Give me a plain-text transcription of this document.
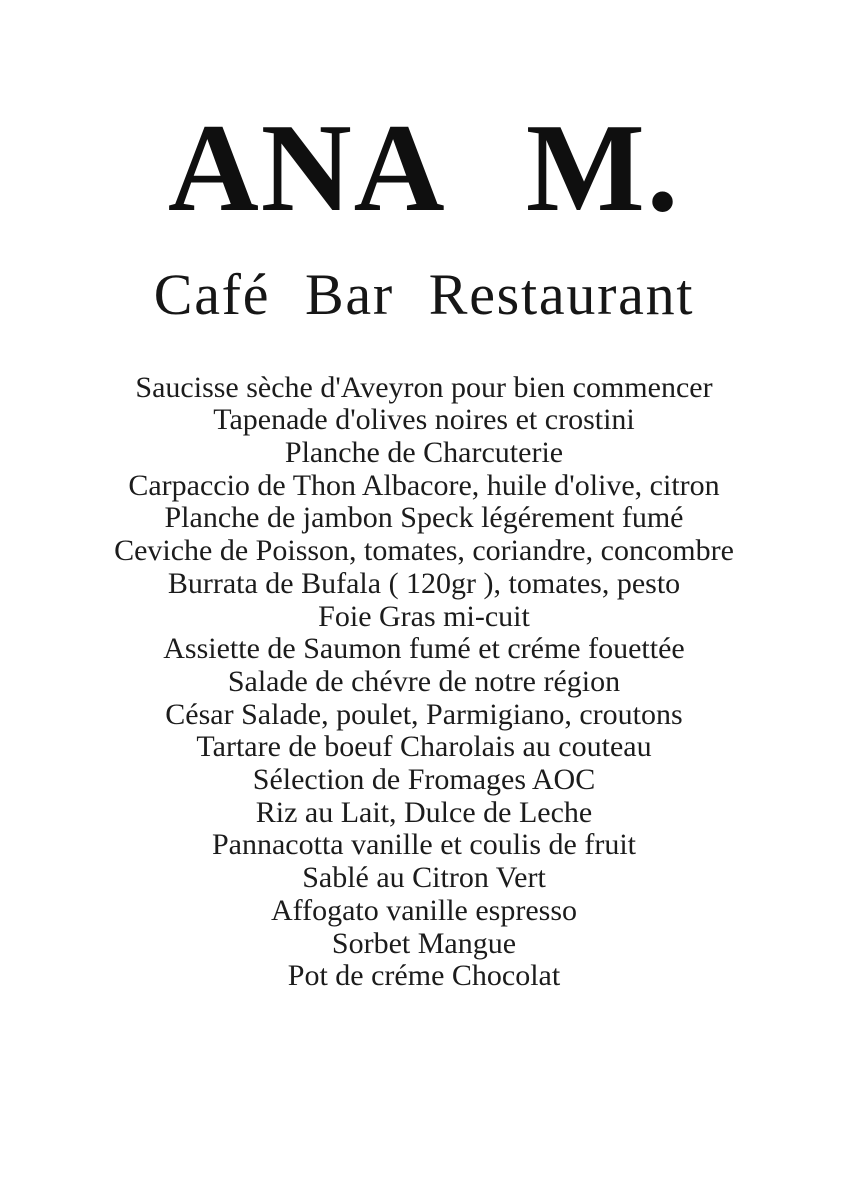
ANA M.
Café Bar Restaurant
Saucisse sèche d'Aveyron pour bien commencer
Tapenade d'olives noires et crostini
Planche de Charcuterie
Carpaccio de Thon Albacore, huile d'olive, citron
Planche de jambon Speck légérement fumé
Ceviche de Poisson, tomates, coriandre, concombre
Burrata de Bufala ( 120gr ), tomates, pesto
Foie Gras mi-cuit
Assiette de Saumon fumé et créme fouettée
Salade de chévre de notre région
César Salade, poulet, Parmigiano, croutons
Tartare de boeuf Charolais au couteau
Sélection de Fromages AOC
Riz au Lait, Dulce de Leche
Pannacotta vanille et coulis de fruit
Sablé au Citron Vert
Affogato vanille espresso
Sorbet Mangue
Pot de créme Chocolat
